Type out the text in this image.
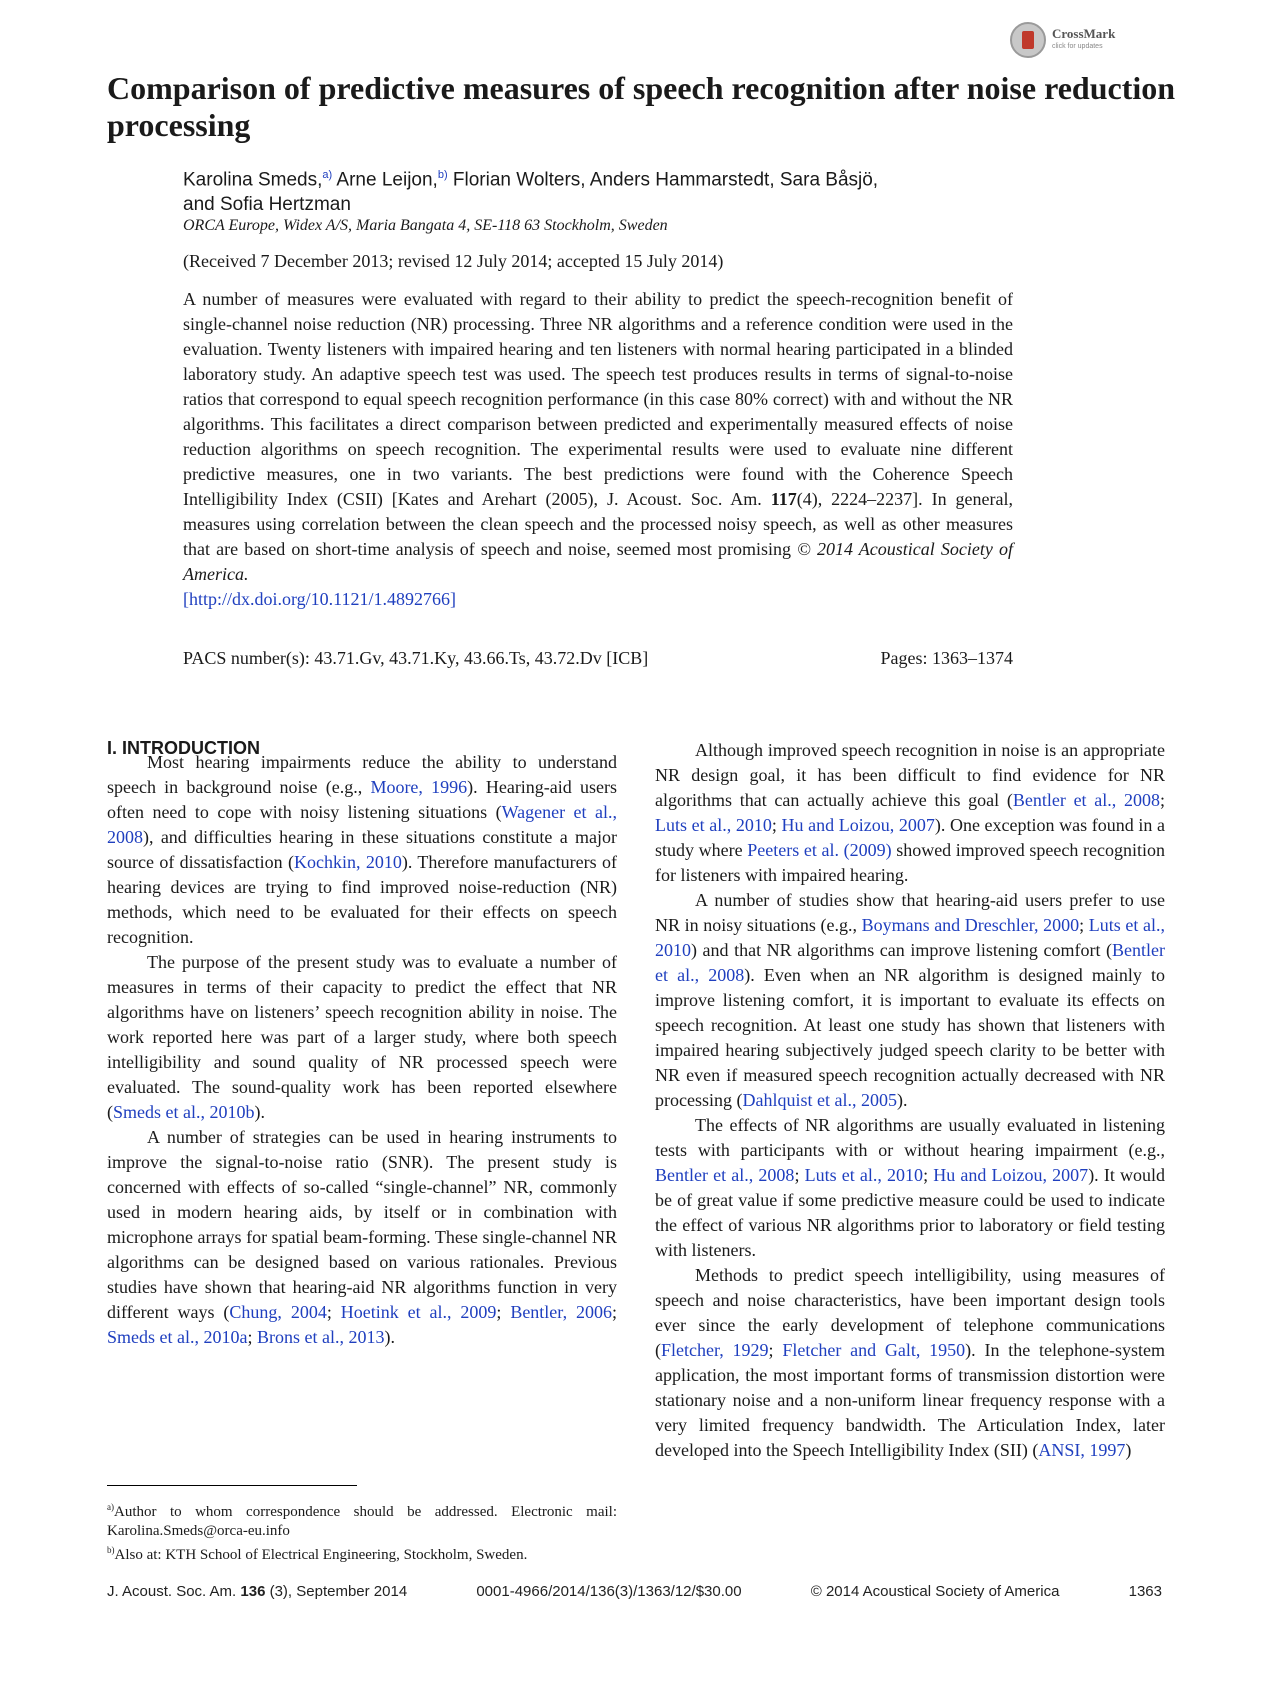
CrossMark
click for updates
Comparison of predictive measures of speech recognition after noise reduction processing
Karolina Smeds,$^{a)}$ Arne Leijon,$^{b)}$ Florian Wolters, Anders Hammarstedt, Sara Båsjö,
and Sofia Hertzman
ORCA Europe, Widex A/S, Maria Bangata 4, SE-118 63 Stockholm, Sweden
(Received 7 December 2013; revised 12 July 2014; accepted 15 July 2014)
A number of measures were evaluated with regard to their ability to predict the speech-recognition benefit of single-channel noise reduction (NR) processing. Three NR algorithms and a reference condition were used in the evaluation. Twenty listeners with impaired hearing and ten listeners with normal hearing participated in a blinded laboratory study. An adaptive speech test was used. The speech test produces results in terms of signal-to-noise ratios that correspond to equal speech recognition performance (in this case 80% correct) with and without the NR algorithms. This facilitates a direct comparison between predicted and experimentally measured effects of noise reduction algorithms on speech recognition. The experimental results were used to evaluate nine different predictive measures, one in two variants. The best predictions were found with the Coherence Speech Intelligibility Index (CSII) [Kates and Arehart (2005), J. Acoust. Soc. Am. 117(4), 2224–2237]. In general, measures using correlation between the clean speech and the processed noisy speech, as well as other measures that are based on short-time analysis of speech and noise, seemed most promising © 2014 Acoustical Society of America.
[http://dx.doi.org/10.1121/1.4892766]
PACS number(s): 43.71.Gv, 43.71.Ky, 43.66.Ts, 43.72.Dv [ICB]	Pages: 1363–1374
I. INTRODUCTION

Most hearing impairments reduce the ability to understand speech in background noise (e.g., Moore, 1996). Hearing-aid users often need to cope with noisy listening situations (Wagener et al., 2008), and difficulties hearing in these situations constitute a major source of dissatisfaction (Kochkin, 2010). Therefore manufacturers of hearing devices are trying to find improved noise-reduction (NR) methods, which need to be evaluated for their effects on speech recognition.

The purpose of the present study was to evaluate a number of measures in terms of their capacity to predict the effect that NR algorithms have on listeners’ speech recognition ability in noise. The work reported here was part of a larger study, where both speech intelligibility and sound quality of NR processed speech were evaluated. The sound-quality work has been reported elsewhere (Smeds et al., 2010b).

A number of strategies can be used in hearing instruments to improve the signal-to-noise ratio (SNR). The present study is concerned with effects of so-called “single-channel” NR, commonly used in modern hearing aids, by itself or in combination with microphone arrays for spatial beam-forming. These single-channel NR algorithms can be designed based on various rationales. Previous studies have shown that hearing-aid NR algorithms function in very different ways (Chung, 2004; Hoetink et al., 2009; Bentler, 2006; Smeds et al., 2010a; Brons et al., 2013).

Although improved speech recognition in noise is an appropriate NR design goal, it has been difficult to find evidence for NR algorithms that can actually achieve this goal (Bentler et al., 2008; Luts et al., 2010; Hu and Loizou, 2007). One exception was found in a study where Peeters et al. (2009) showed improved speech recognition for listeners with impaired hearing.

A number of studies show that hearing-aid users prefer to use NR in noisy situations (e.g., Boymans and Dreschler, 2000; Luts et al., 2010) and that NR algorithms can improve listening comfort (Bentler et al., 2008). Even when an NR algorithm is designed mainly to improve listening comfort, it is important to evaluate its effects on speech recognition. At least one study has shown that listeners with impaired hearing subjectively judged speech clarity to be better with NR even if measured speech recognition actually decreased with NR processing (Dahlquist et al., 2005).

The effects of NR algorithms are usually evaluated in listening tests with participants with or without hearing impairment (e.g., Bentler et al., 2008; Luts et al., 2010; Hu and Loizou, 2007). It would be of great value if some predictive measure could be used to indicate the effect of various NR algorithms prior to laboratory or field testing with listeners.

Methods to predict speech intelligibility, using measures of speech and noise characteristics, have been important design tools ever since the early development of telephone communications (Fletcher, 1929; Fletcher and Galt, 1950). In the telephone-system application, the most important forms of transmission distortion were stationary noise and a non-uniform linear frequency response with a very limited frequency bandwidth. The Articulation Index, later developed into the Speech Intelligibility Index (SII) (ANSI, 1997)

$^{a)}$Author to whom correspondence should be addressed. Electronic mail: Karolina.Smeds@orca-eu.info
$^{b)}$Also at: KTH School of Electrical Engineering, Stockholm, Sweden.
J. Acoust. Soc. Am. 136 (3), September 2014	0001-4966/2014/136(3)/1363/12/$30.00	© 2014 Acoustical Society of America	1363
